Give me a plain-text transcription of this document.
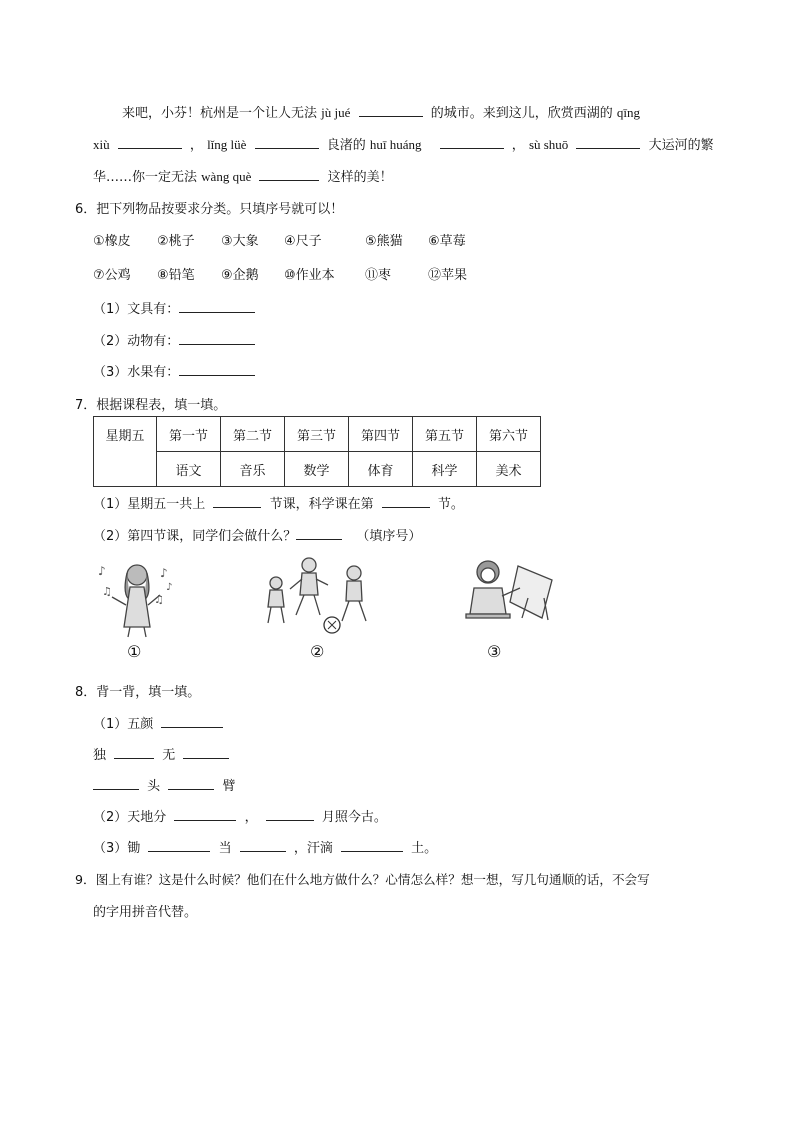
来吧，小芬！杭州是一个让人无法 jù jué	的城市。来到这儿，欣赏西湖的 qīng
xiù	， lǐng lüè	良渚的 huī huáng	， sù shuō	大运河的繁
华……你一定无法 wàng què	这样的美！
6．把下列物品按要求分类。只填序号就可以！
①橡皮 ②桃子 ③大象 ④尺子	⑤熊猫 ⑥草莓
⑦公鸡 ⑧铅笔 ⑨企鹅 ⑩作业本 ⑪枣	⑫苹果
（1）文具有：
（2）动物有：
（3）水果有：
7．根据课程表，填一填。
星期五	第一节	第二节	第三节	第四节	第五节	第六节
	语文	音乐	数学	体育	科学	美术
（1）星期五一共上	节课，科学课在第	节。
（2）第四节课，同学们会做什么？	（填序号）
♪
♫
♪
♫
♪
①	②	③
8．背一背，填一填。
（1）五颜
独	无
头	臂
（2）天地分	，	月照今古。
（3）锄	当	，汗滴	土。
9．图上有谁？这是什么时候？他们在什么地方做什么？心情怎么样？想一想，写几句通顺的话，不会写
的字用拼音代替。
